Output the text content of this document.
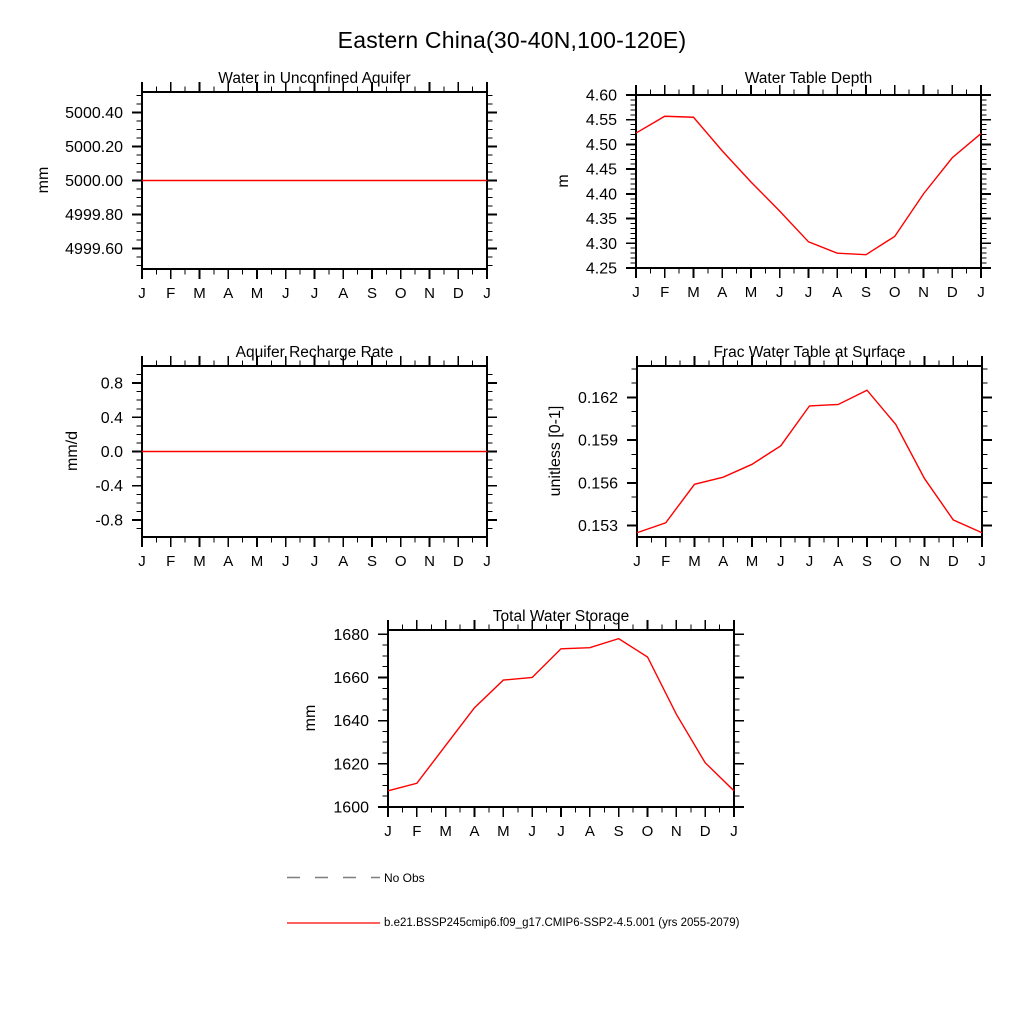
4999.60
4999.80
5000.00
5000.20
5000.40
J F M A M J J A S O N D J
4.25
4.30
4.35
4.40
4.45
4.50
4.55
4.60
J F M A M J J A S O N D J
-0.8
-0.4
0.0
0.4
0.8
J F M A M J J A S O N D J
0.153
0.156
0.159
0.162
J F M A M J J A S O N D J
1600
1620
1640
1660
1680
J F M A M J J A S O N D J
Eastern China(30-40N,100-120E)
Water in Unconfined Aquifer	Water Table Depth
Aquifer Recharge Rate	Frac Water Table at Surface
Total Water Storage
mm	m
mm/d	unitless [0-1]
mm
No Obs
b.e21.BSSP245cmip6.f09_g17.CMIP6-SSP2-4.5.001 (yrs 2055-2079)
